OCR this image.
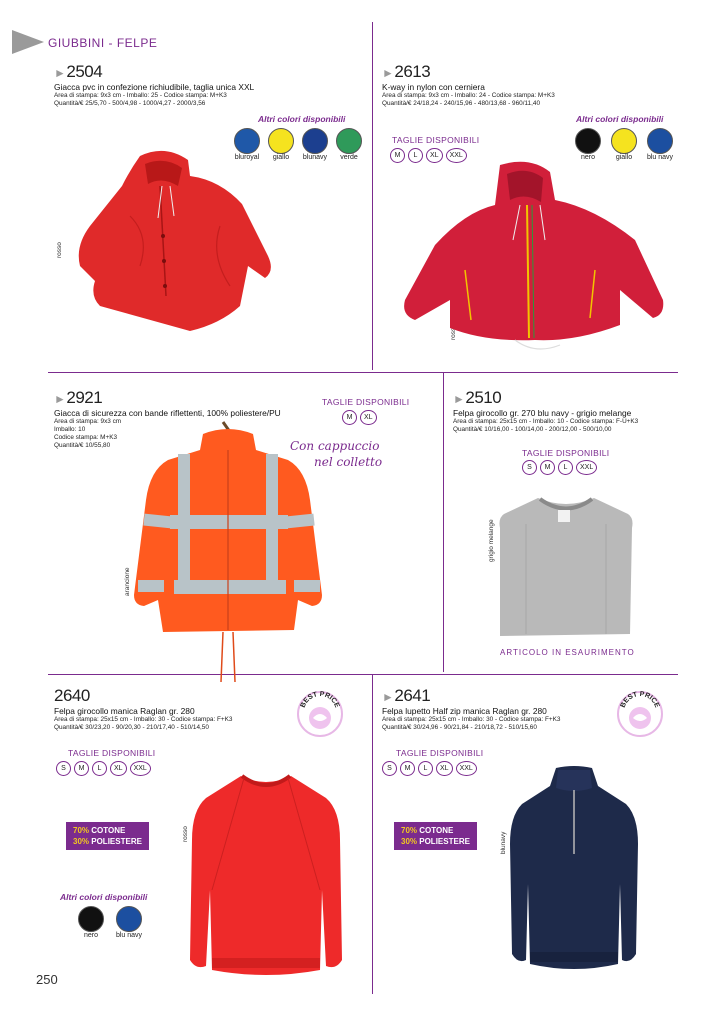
GIUBBINI - FELPE
►2504
Giacca pvc in confezione richiudibile, taglia unica XXL
Area di stampa: 9x3 cm - Imballo: 25 - Codice stampa: M+K3
Quantità/€ 25/5,70 - 500/4,98 - 1000/4,27 - 2000/3,56
Altri colori disponibili
bluroyal	giallo	blunavy	verde
rosso
►2613
K-way in nylon con cerniera
Area di stampa: 9x3 cm - Imballo: 24 - Codice stampa: M+K3
Quantità/€ 24/18,24 - 240/15,96 - 480/13,68 - 960/11,40
TAGLIE DISPONIBILI
M	L	XL	XXL
Altri colori disponibili
nero	giallo	blu navy
rosso
►2921
Giacca di sicurezza con bande riflettenti, 100% poliestere/PU
Area di stampa: 9x3 cm
Imballo: 10
Codice stampa: M+K3
Quantità/€ 10/55,80
TAGLIE DISPONIBILI
M	XL
Con cappuccio
nel colletto
arancione
►2510
Felpa girocollo gr. 270 blu navy - grigio melange
Area di stampa: 25x15 cm - Imballo: 10 - Codice stampa: F-U+K3
Quantità/€ 10/16,00 - 100/14,00 - 200/12,00 - 500/10,00
TAGLIE DISPONIBILI
S	M	L	XXL
grigio melange
ARTICOLO IN ESAURIMENTO
2640
Felpa girocollo manica Raglan gr. 280
Area di stampa: 25x15 cm - Imballo: 30 - Codice stampa: F+K3
Quantità/€ 30/23,20 - 90/20,30 - 210/17,40 - 510/14,50
BEST PRICE
TAGLIE DISPONIBILI
S	M	L	XL	XXL
70% COTONE
30% POLIESTERE
Altri colori disponibili
nero	blu navy
rosso
►2641
Felpa lupetto Half zip manica Raglan gr. 280
Area di stampa: 25x15 cm - Imballo: 30 - Codice stampa: F+K3
Quantità/€ 30/24,96 - 90/21,84 - 210/18,72 - 510/15,60
BEST PRICE
TAGLIE DISPONIBILI
S	M	L	XL	XXL
70% COTONE
30% POLIESTERE	blunavy
250
